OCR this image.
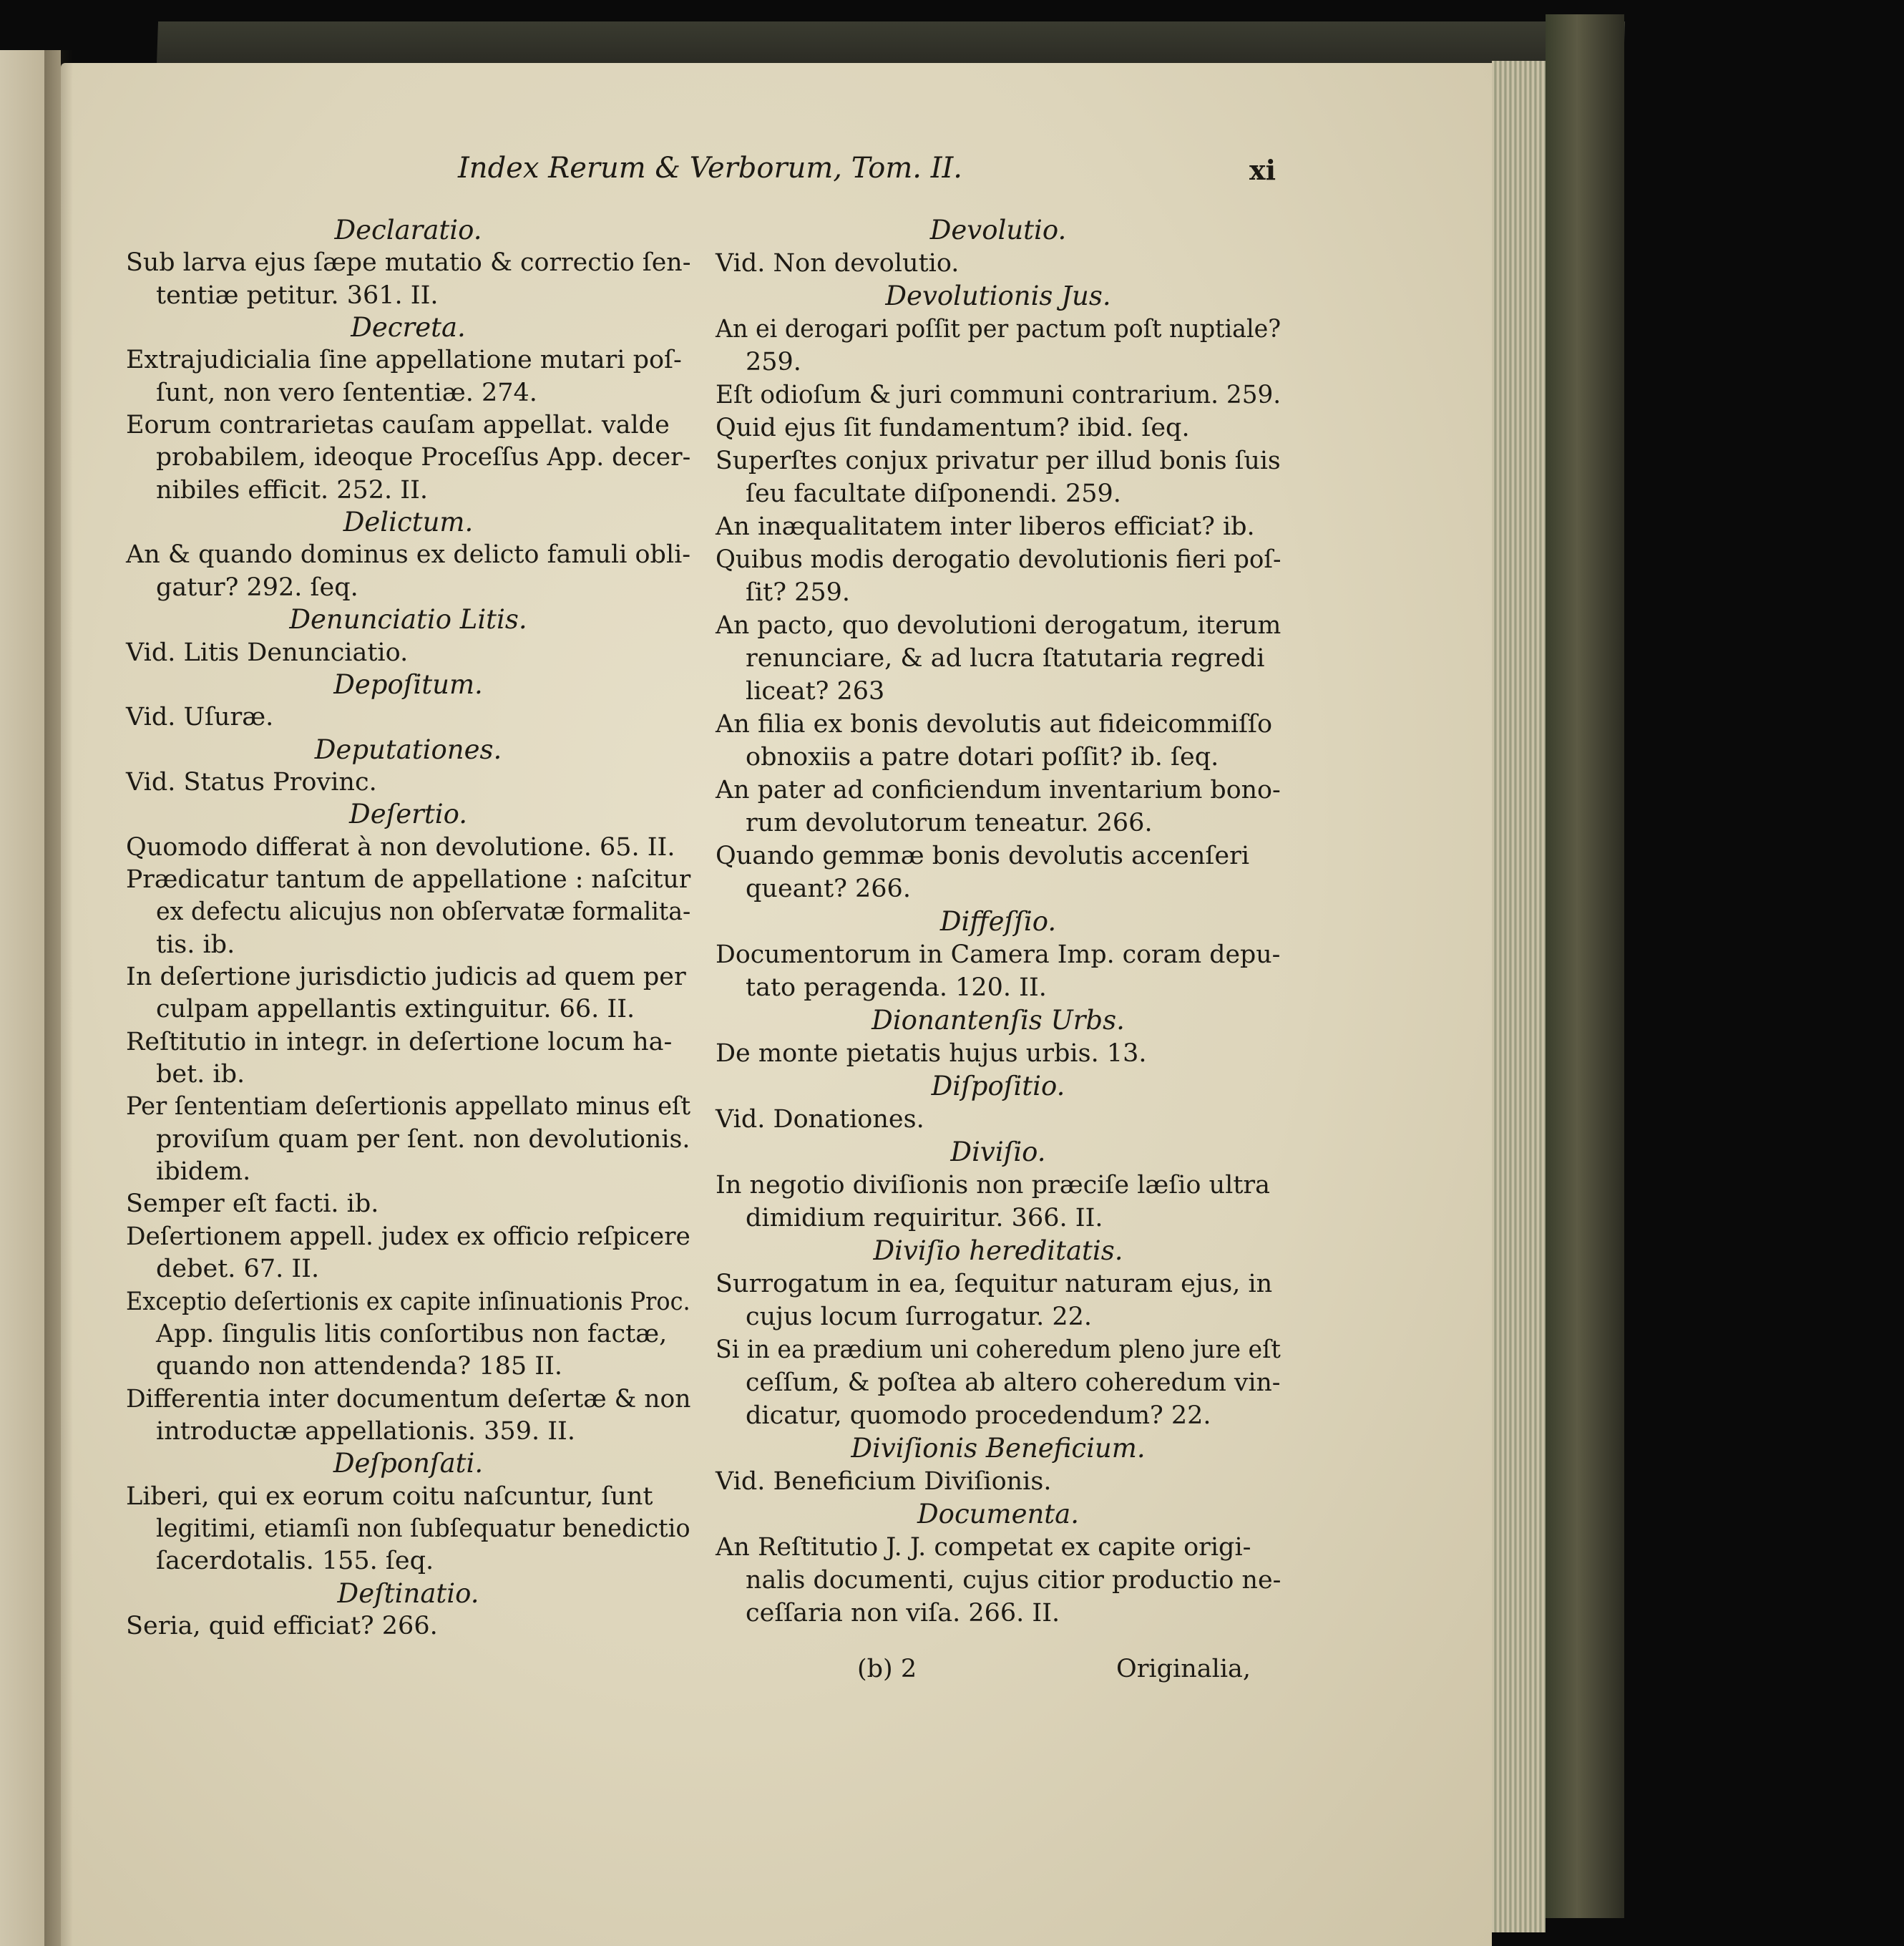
Index Rerum & Verborum, Tom. II.	xi
(b) 2
Declaratio.
Sub larva ejus ſæpe mutatio & correctio ſen-
tentiæ petitur. 361. II.
Decreta.
Extrajudicialia ſine appellatione mutari poſ-
ſunt, non vero ſententiæ. 274.
Eorum contrarietas cauſam appellat. valde
probabilem, ideoque Proceſſus App. decer-
nibiles efficit. 252. II.
Delictum.
An & quando dominus ex delicto famuli obli-
gatur? 292. ſeq.
Denunciatio Litis.
Vid. Litis Denunciatio.
Depoſitum.
Vid. Uſuræ.
Deputationes.
Vid. Status Provinc.
Deſertio.
Quomodo differat à non devolutione. 65. II.
Prædicatur tantum de appellatione : naſcitur
ex defectu alicujus non obſervatæ formalita-
tis. ib.
In deſertione jurisdictio judicis ad quem per
culpam appellantis extinguitur. 66. II.
Reſtitutio in integr. in deſertione locum ha-
bet. ib.
Per ſententiam deſertionis appellato minus eſt
proviſum quam per ſent. non devolutionis.
ibidem.
Semper eſt facti. ib.
Deſertionem appell. judex ex officio reſpicere
debet. 67. II.
Exceptio deſertionis ex capite inſinuationis Proc.
App. ſingulis litis conſortibus non factæ,
quando non attendenda? 185 II.
Differentia inter documentum deſertæ & non
introductæ appellationis. 359. II.
Deſponſati.
Liberi, qui ex eorum coitu naſcuntur, ſunt
legitimi, etiamſi non ſubſequatur benedictio
ſacerdotalis. 155. ſeq.
Deſtinatio.
Seria, quid efficiat? 266.
Devolutio.
Vid. Non devolutio.
Devolutionis Jus.
An ei derogari poſſit per pactum poſt nuptiale?
259.
Eſt odioſum & juri communi contrarium. 259.
Quid ejus ſit fundamentum? ibid. ſeq.
Superſtes conjux privatur per illud bonis ſuis
ſeu facultate diſponendi. 259.
An inæqualitatem inter liberos efficiat? ib.
Quibus modis derogatio devolutionis fieri poſ-
ſit? 259.
An pacto, quo devolutioni derogatum, iterum
renunciare, & ad lucra ſtatutaria regredi
liceat? 263
An filia ex bonis devolutis aut fideicommiſſo
obnoxiis a patre dotari poſſit? ib. ſeq.
An pater ad conficiendum inventarium bono-
rum devolutorum teneatur. 266.
Quando gemmæ bonis devolutis accenſeri
queant? 266.
Diffeſſio.
Documentorum in Camera Imp. coram depu-
tato peragenda. 120. II.
Dionantenſis Urbs.
De monte pietatis hujus urbis. 13.
Diſpoſitio.
Vid. Donationes.
Diviſio.
In negotio diviſionis non præciſe læſio ultra
dimidium requiritur. 366. II.
Diviſio hereditatis.
Surrogatum in ea, ſequitur naturam ejus, in
cujus locum ſurrogatur. 22.
Si in ea prædium uni coheredum pleno jure eſt
ceſſum, & poſtea ab altero coheredum vin-
dicatur, quomodo procedendum? 22.
Diviſionis Beneficium.
Vid. Beneficium Diviſionis.
Documenta.
An Reſtitutio J. J. competat ex capite origi-
nalis documenti, cujus citior productio ne-
ceſſaria non viſa. 266. II.
Originalia,
